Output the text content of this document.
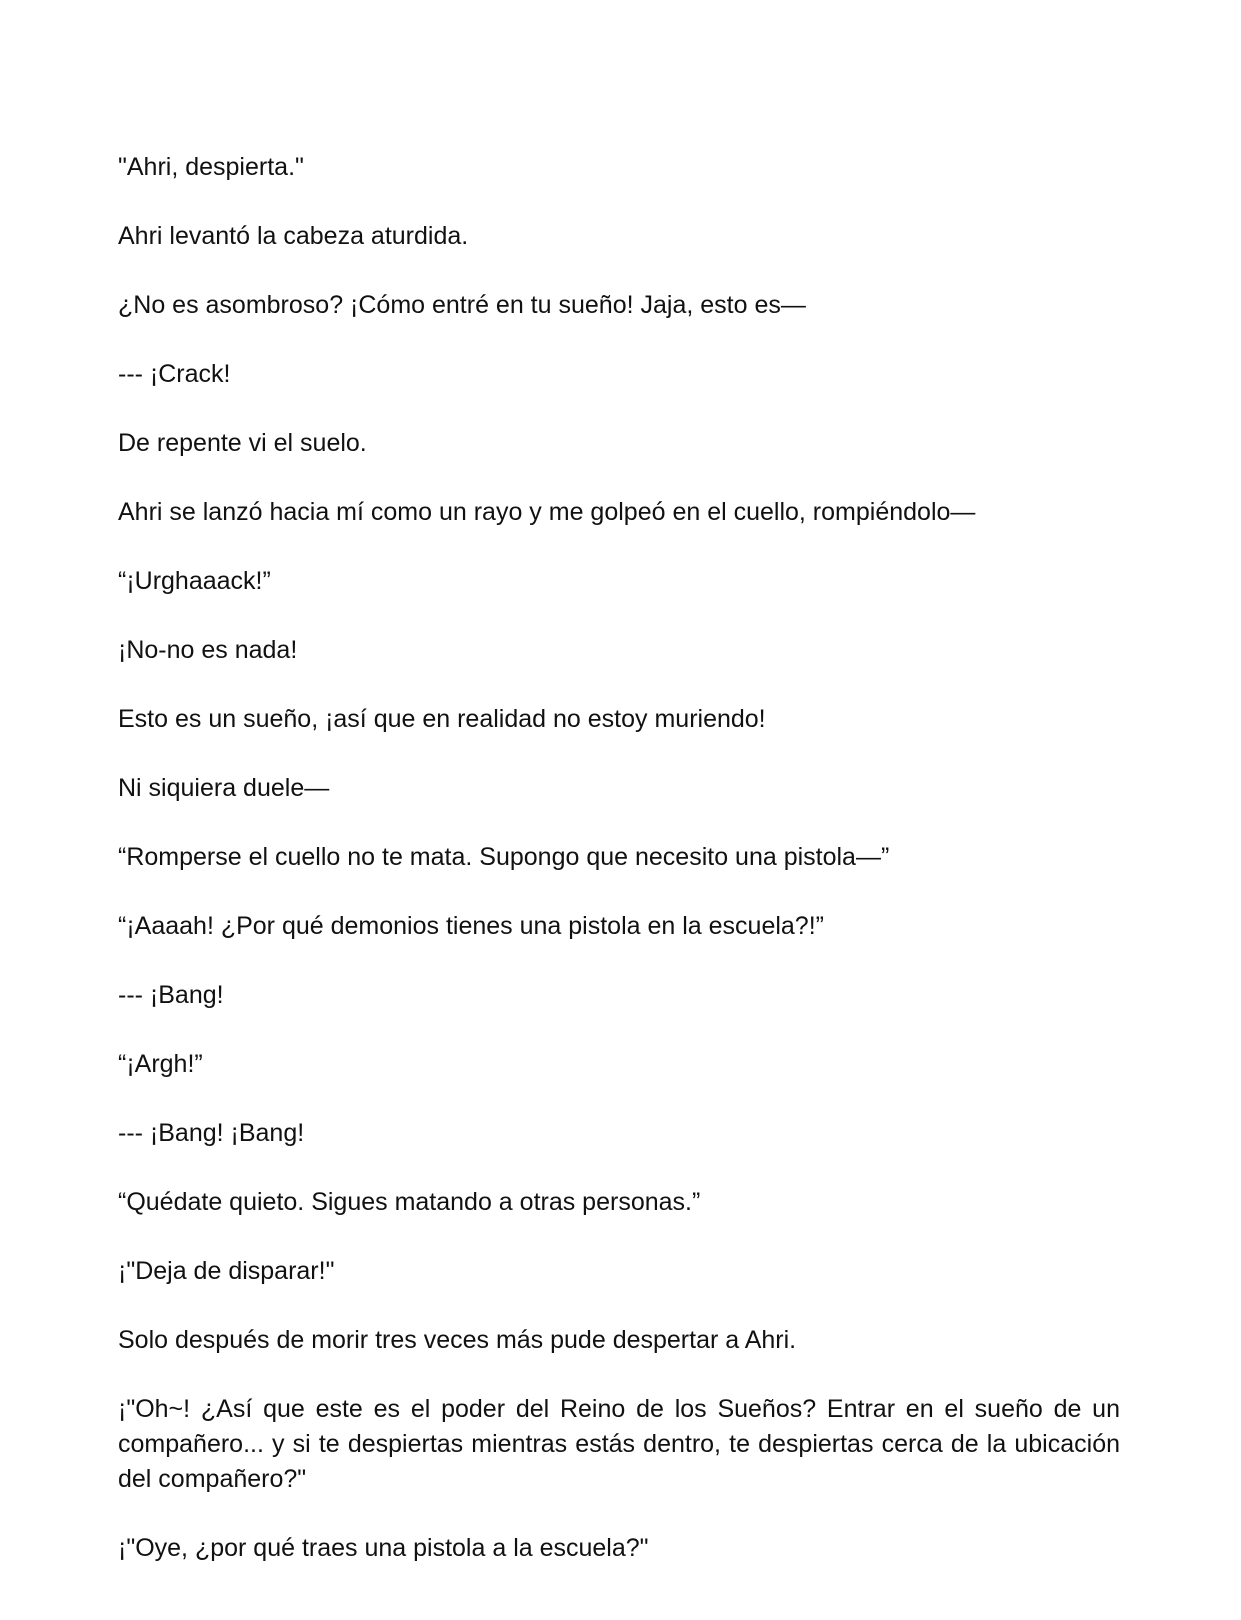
"Ahri, despierta."

Ahri levantó la cabeza aturdida.

¿No es asombroso? ¡Cómo entré en tu sueño! Jaja, esto es—

--- ¡Crack!

De repente vi el suelo.

Ahri se lanzó hacia mí como un rayo y me golpeó en el cuello, rompiéndolo—

“¡Urghaaack!”

¡No-no es nada!

Esto es un sueño, ¡así que en realidad no estoy muriendo!

Ni siquiera duele—

“Romperse el cuello no te mata. Supongo que necesito una pistola—”

“¡Aaaah! ¿Por qué demonios tienes una pistola en la escuela?!”

--- ¡Bang!

“¡Argh!”

--- ¡Bang! ¡Bang!

“Quédate quieto. Sigues matando a otras personas.”

¡"Deja de disparar!"

Solo después de morir tres veces más pude despertar a Ahri.

¡"Oh~! ¿Así que este es el poder del Reino de los Sueños? Entrar en el sueño de un compañero... y si te despiertas mientras estás dentro, te despiertas cerca de la ubicación del compañero?"

¡"Oye, ¿por qué traes una pistola a la escuela?"
